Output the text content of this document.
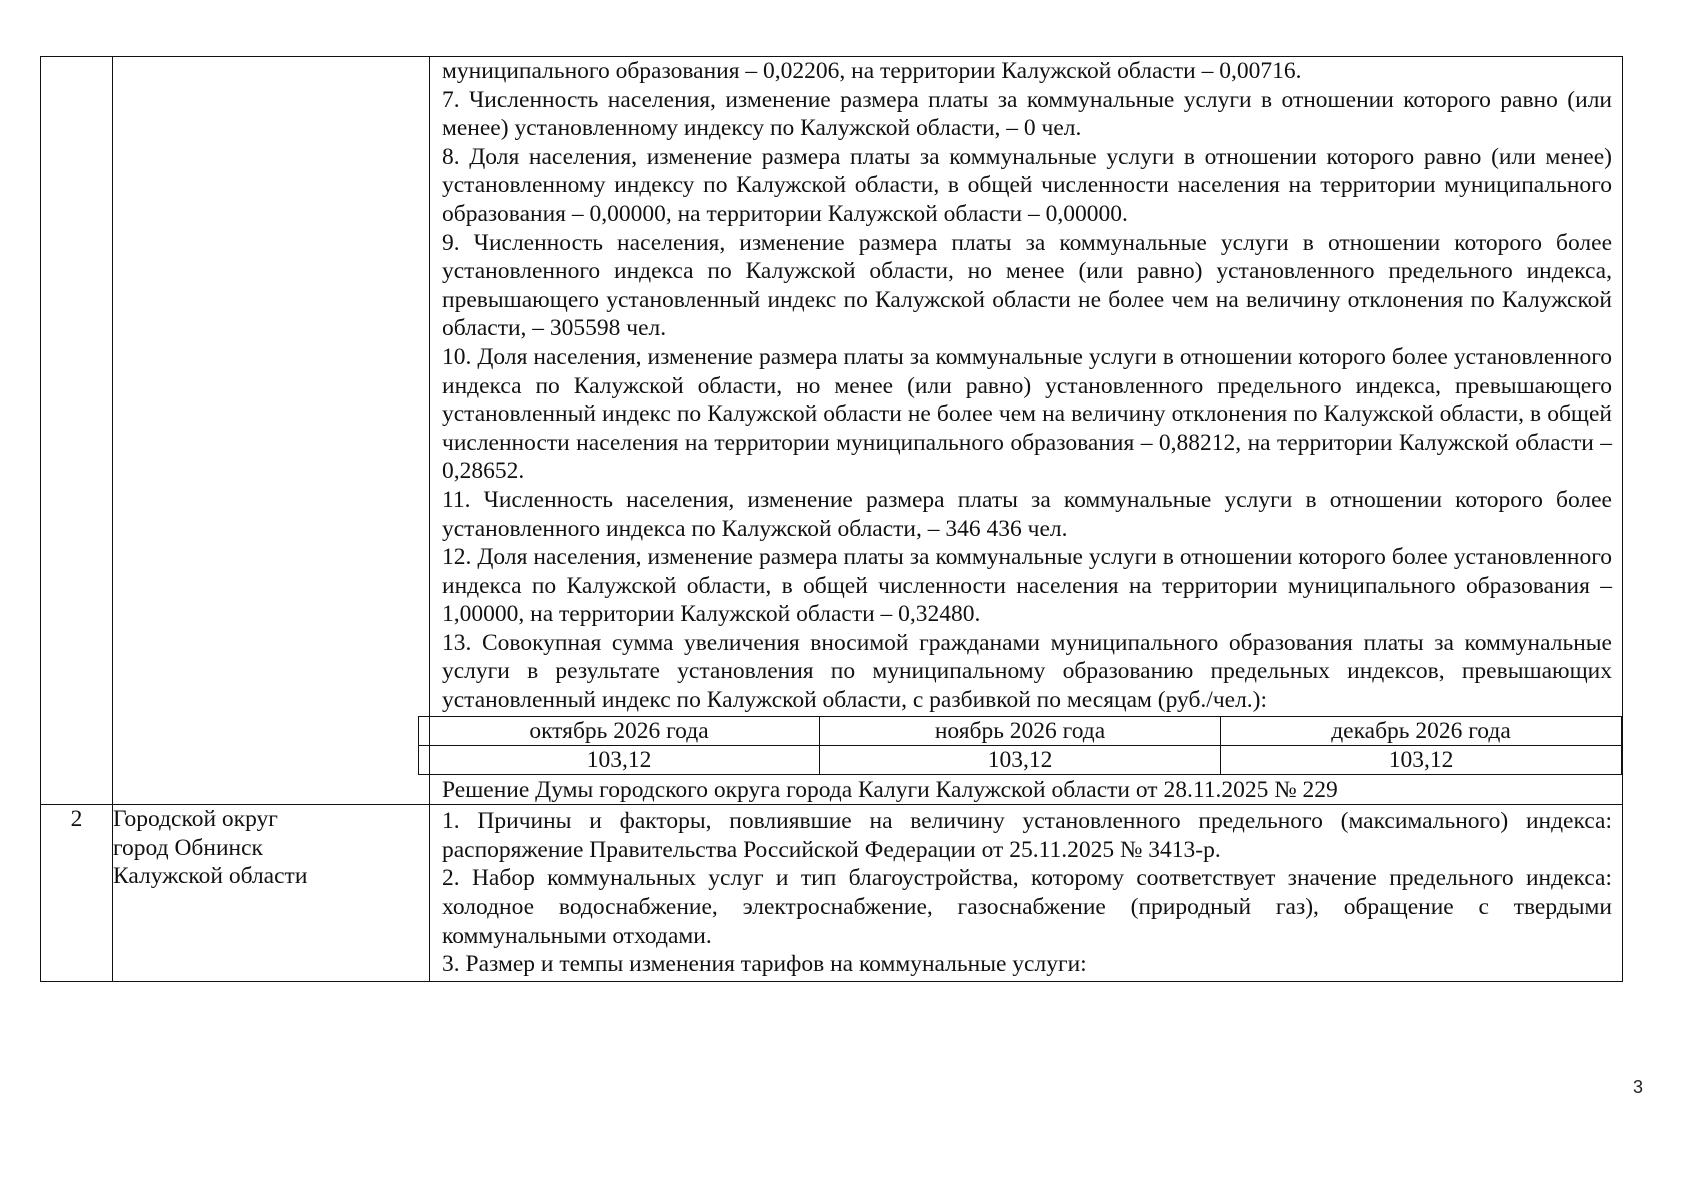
муниципального образования – 0,02206, на территории Калужской области – 0,00716.

7. Численность населения, изменение размера платы за коммунальные услуги в отношении которого равно (или менее) установленному индексу по Калужской области, – 0 чел.

8. Доля населения, изменение размера платы за коммунальные услуги в отношении которого равно (или менее) установленному индексу по Калужской области, в общей численности населения на территории муниципального образования – 0,00000, на территории Калужской области – 0,00000.

9. Численность населения, изменение размера платы за коммунальные услуги в отношении которого более установленного индекса по Калужской области, но менее (или равно) установленного предельного индекса, превышающего установленный индекс по Калужской области не более чем на величину отклонения по Калужской области, – 305598 чел.

10. Доля населения, изменение размера платы за коммунальные услуги в отношении которого более установленного индекса по Калужской области, но менее (или равно) установленного предельного индекса, превышающего установленный индекс по Калужской области не более чем на величину отклонения по Калужской области, в общей численности населения на территории муниципального образования – 0,88212, на территории Калужской области – 0,28652.

11. Численность населения, изменение размера платы за коммунальные услуги в отношении которого более установленного индекса по Калужской области, – 346 436 чел.

12. Доля населения, изменение размера платы за коммунальные услуги в отношении которого более установленного индекса по Калужской области, в общей численности населения на территории муниципального образования – 1,00000, на территории Калужской области – 0,32480.

13. Совокупная сумма увеличения вносимой гражданами муниципального образования платы за коммунальные услуги в результате установления по муниципальному образованию предельных индексов, превышающих установленный индекс по Калужской области, с разбивкой по месяцам (руб./чел.):

октябрь 2026 года	ноябрь 2026 года	декабрь 2026 года
103,12	103,12	103,12

Решение Думы городского округа города Калуги Калужской области от 28.11.2025 № 229

2	Городской округ
город Обнинск
Калужской области

1. Причины и факторы, повлиявшие на величину установленного предельного (максимального) индекса: распоряжение Правительства Российской Федерации от 25.11.2025 № 3413-р.

2. Набор коммунальных услуг и тип благоустройства, которому соответствует значение предельного индекса: холодное водоснабжение, электроснабжение, газоснабжение (природный газ), обращение с твердыми коммунальными отходами.

3. Размер и темпы изменения тарифов на коммунальные услуги:

3
